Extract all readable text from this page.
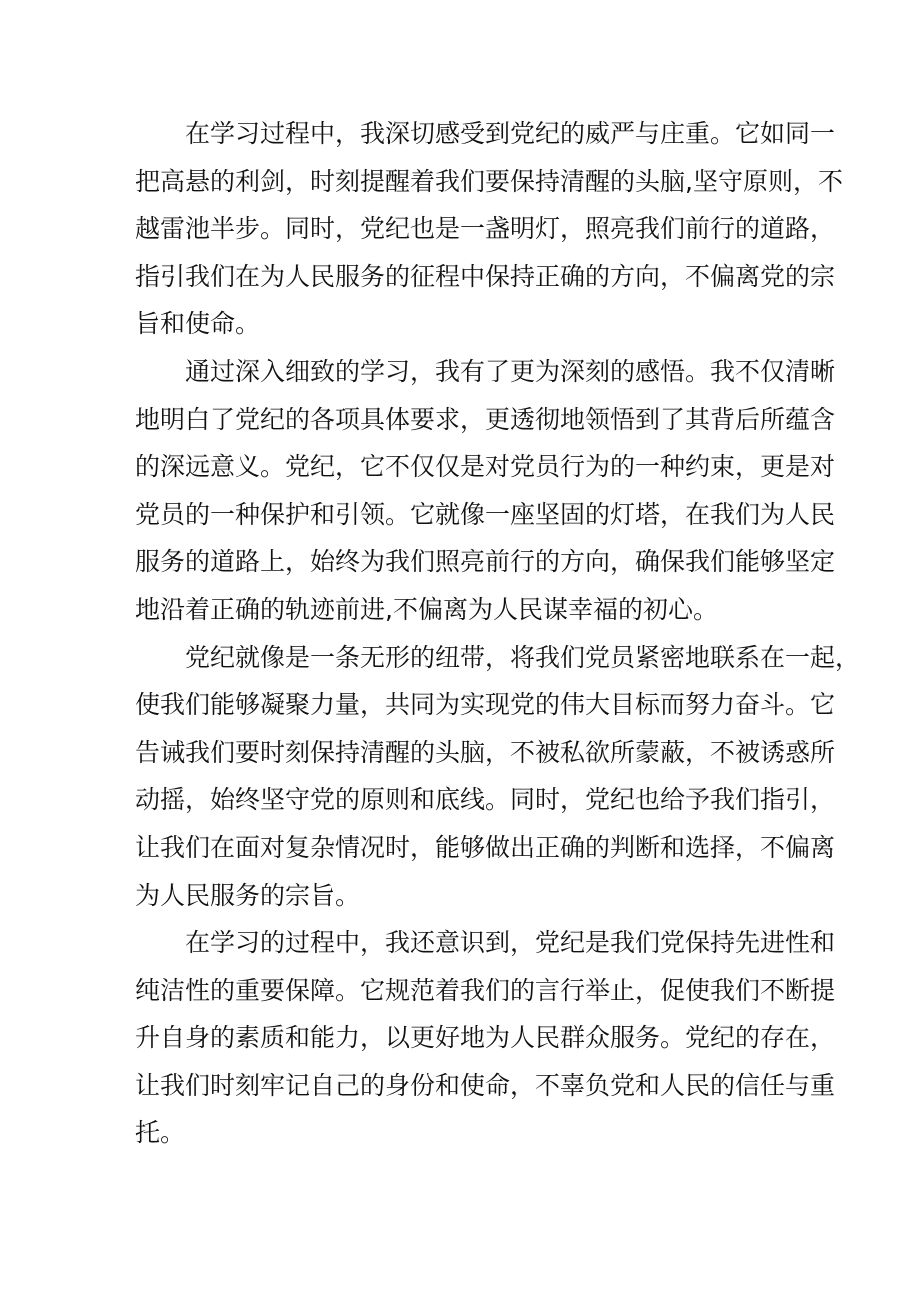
在学习过程中，我深切感受到党纪的威严与庄重。它如同一
把高悬的利剑，时刻提醒着我们要保持清醒的头脑,坚守原则，不
越雷池半步。同时，党纪也是一盏明灯，照亮我们前行的道路，
指引我们在为人民服务的征程中保持正确的方向，不偏离党的宗
旨和使命。
通过深入细致的学习，我有了更为深刻的感悟。我不仅清晰
地明白了党纪的各项具体要求，更透彻地领悟到了其背后所蕴含
的深远意义。党纪，它不仅仅是对党员行为的一种约束，更是对
党员的一种保护和引领。它就像一座坚固的灯塔，在我们为人民
服务的道路上，始终为我们照亮前行的方向，确保我们能够坚定
地沿着正确的轨迹前进,不偏离为人民谋幸福的初心。
党纪就像是一条无形的纽带，将我们党员紧密地联系在一起，
使我们能够凝聚力量，共同为实现党的伟大目标而努力奋斗。它
告诫我们要时刻保持清醒的头脑，不被私欲所蒙蔽，不被诱惑所
动摇，始终坚守党的原则和底线。同时，党纪也给予我们指引，
让我们在面对复杂情况时，能够做出正确的判断和选择，不偏离
为人民服务的宗旨。
在学习的过程中，我还意识到，党纪是我们党保持先进性和
纯洁性的重要保障。它规范着我们的言行举止，促使我们不断提
升自身的素质和能力，以更好地为人民群众服务。党纪的存在，
让我们时刻牢记自己的身份和使命，不辜负党和人民的信任与重
托。
